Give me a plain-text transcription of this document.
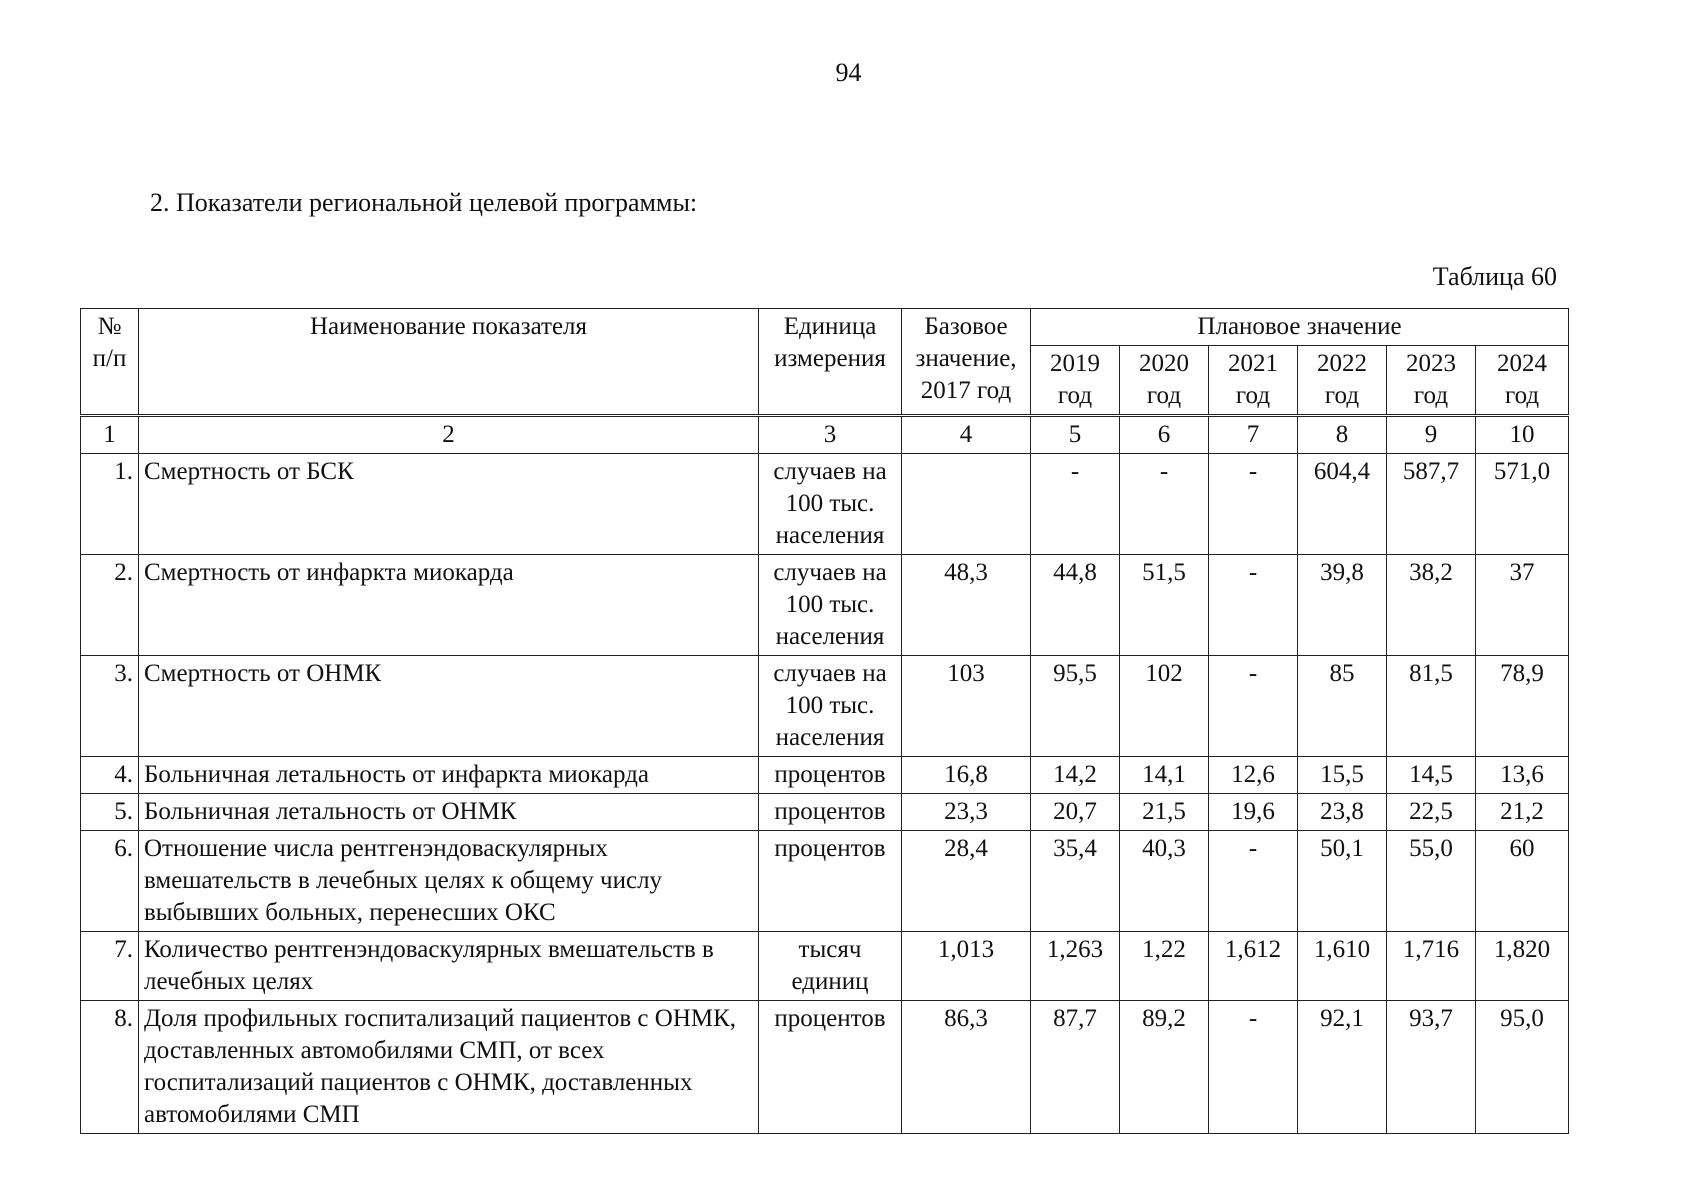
94
2. Показатели региональной целевой программы:
Таблица 60
№ п/п	Наименование показателя	Единица измерения	Базовое значение, 2017 год	Плановое значение					
				2019 год	2020 год	2021 год	2022 год	2023 год	2024 год
1	2	3	4	5	6	7	8	9	10
1.	Смертность от БСК	случаев на 100 тыс. населения		-	-	-	604,4	587,7	571,0
2.	Смертность от инфаркта миокарда	случаев на 100 тыс. населения	48,3	44,8	51,5	-	39,8	38,2	37
3.	Смертность от ОНМК	случаев на 100 тыс. населения	103	95,5	102	-	85	81,5	78,9
4.	Больничная летальность от инфаркта миокарда	процентов	16,8	14,2	14,1	12,6	15,5	14,5	13,6
5.	Больничная летальность от ОНМК	процентов	23,3	20,7	21,5	19,6	23,8	22,5	21,2
6.	Отношение числа рентгенэндоваскулярных вмешательств в лечебных целях к общему числу выбывших больных, перенесших ОКС	процентов	28,4	35,4	40,3	-	50,1	55,0	60
7.	Количество рентгенэндоваскулярных вмешательств в лечебных целях	тысяч единиц	1,013	1,263	1,22	1,612	1,610	1,716	1,820
8.	Доля профильных госпитализаций пациентов с ОНМК, доставленных автомобилями СМП, от всех госпитализаций пациентов с ОНМК, доставленных автомобилями СМП	процентов	86,3	87,7	89,2	-	92,1	93,7	95,0
